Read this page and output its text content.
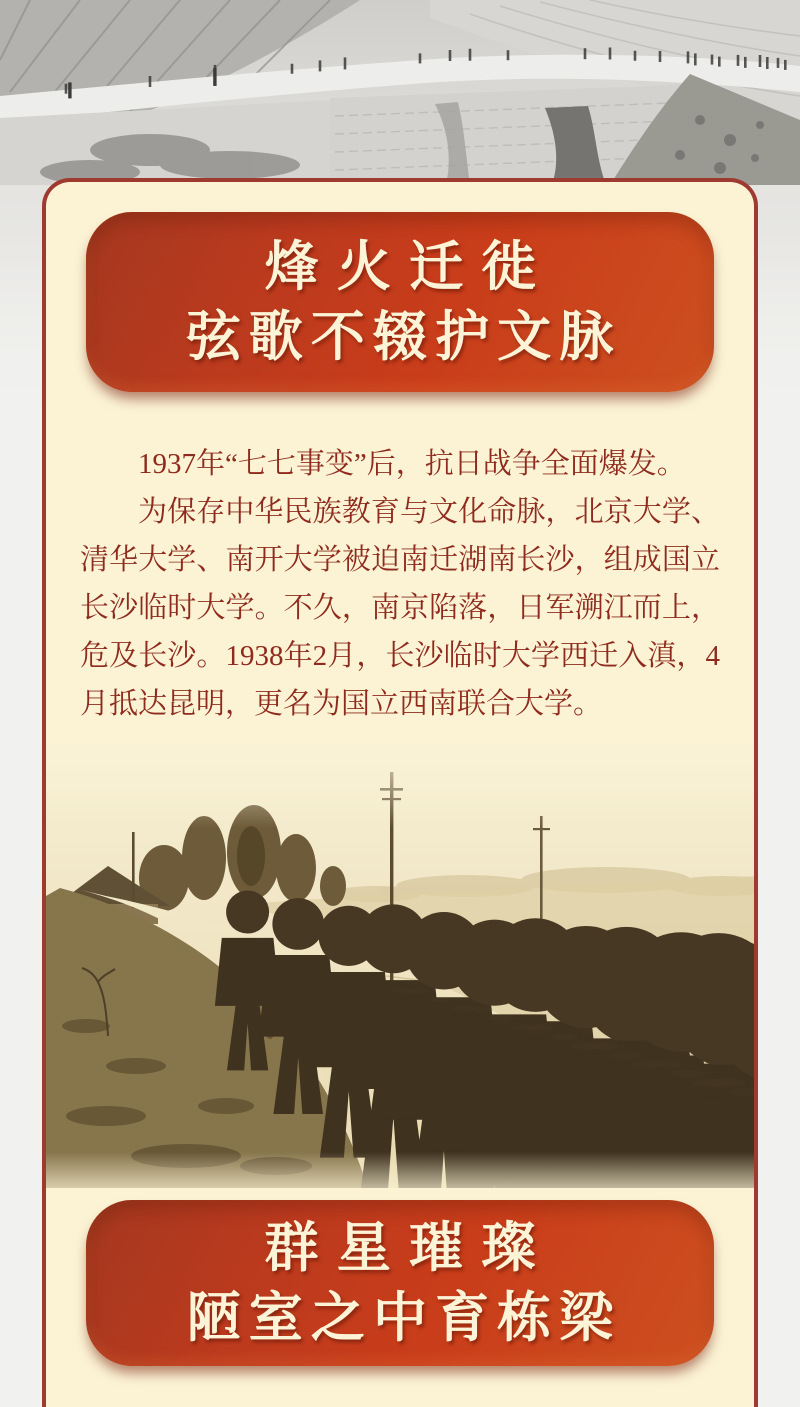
烽火迁徙
弦歌不辍护文脉

1937年“七七事变”后，抗日战争全面爆发。

为保存中华民族教育与文化命脉，北京大学、清华大学、南开大学被迫南迁湖南长沙，组成国立长沙临时大学。不久，南京陷落，日军溯江而上，危及长沙。1938年2月，长沙临时大学西迁入滇，4月抵达昆明，更名为国立西南联合大学。

群星璀璨
陋室之中育栋梁
